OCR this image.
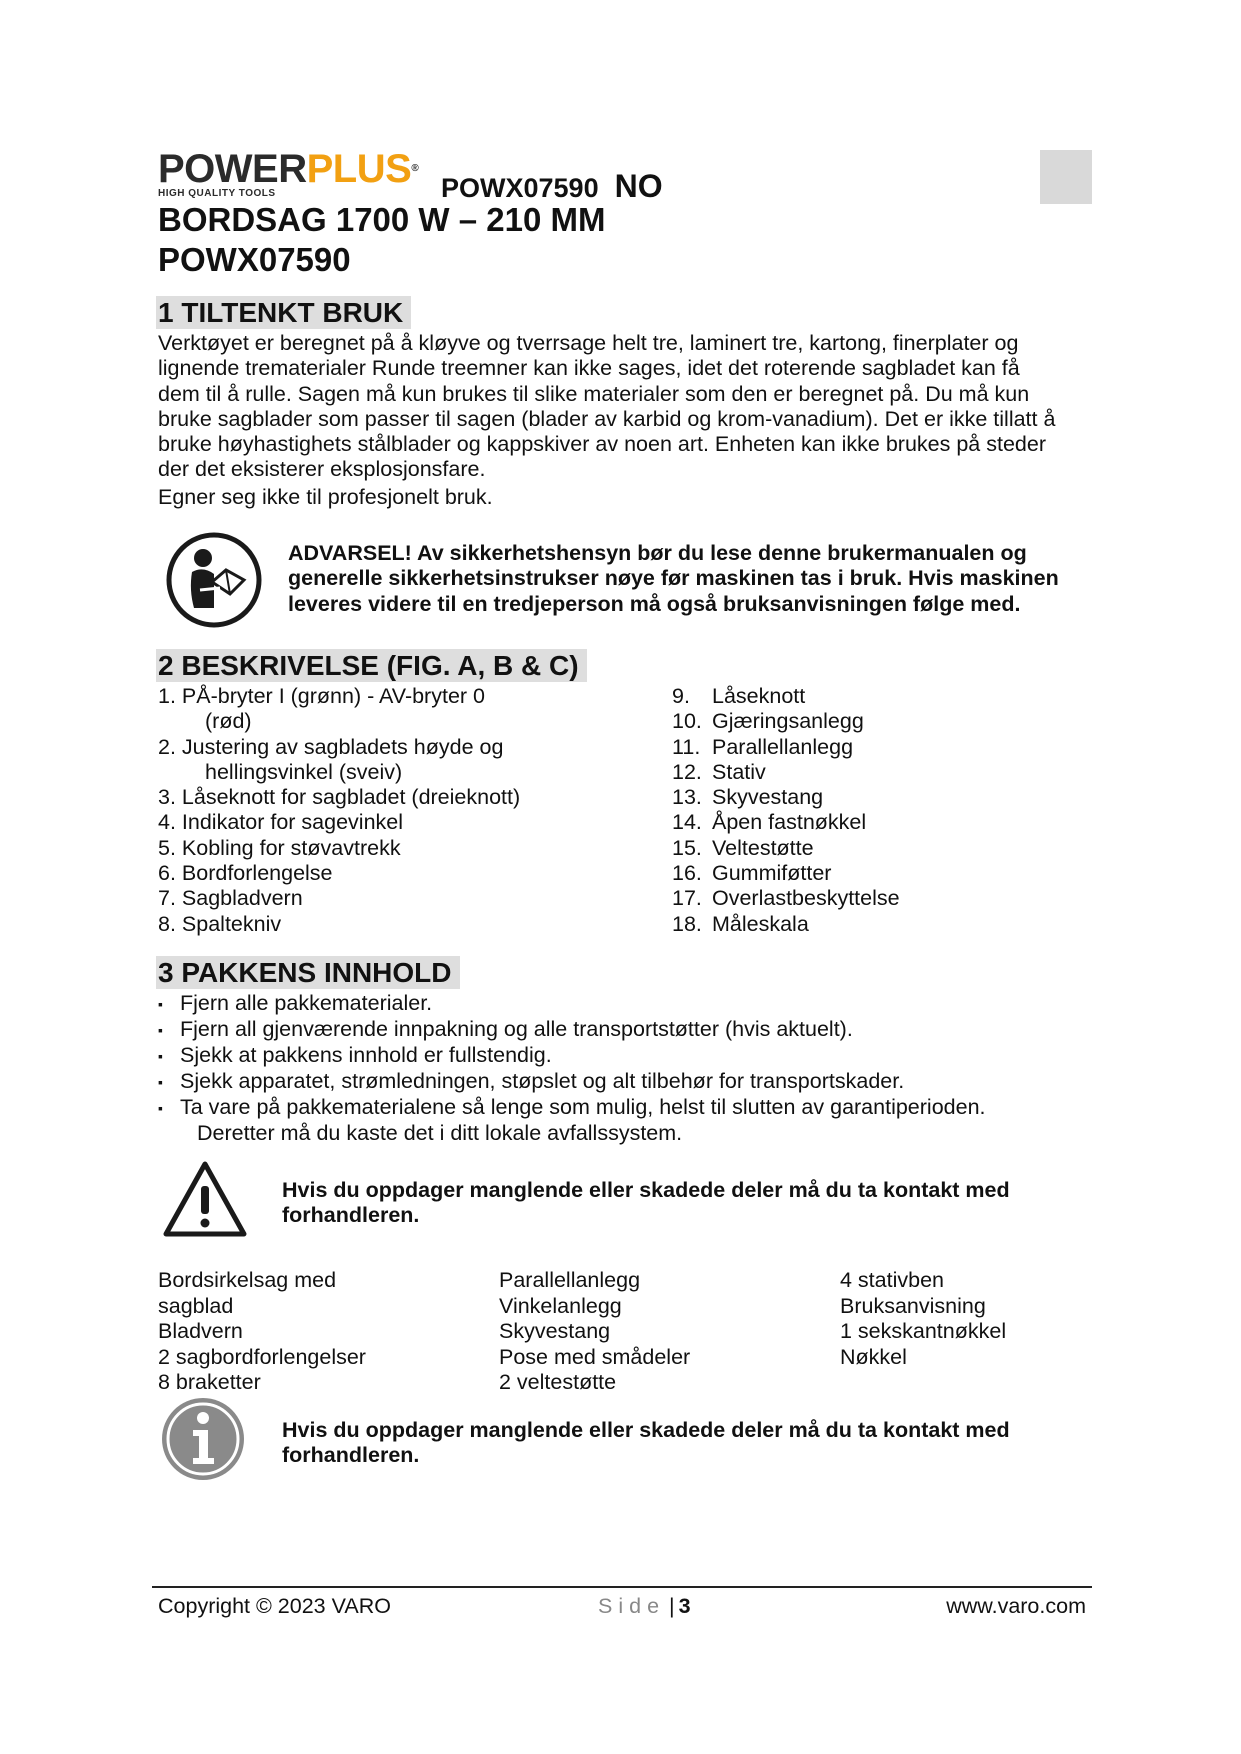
POWERPLUS®
HIGH QUALITY TOOLS	POWX07590 NO
BORDSAG 1700 W – 210 MM
POWX07590
1 TILTENKT BRUK
Verktøyet er beregnet på å kløyve og tverrsage helt tre, laminert tre, kartong, finerplater og
lignende trematerialer Runde treemner kan ikke sages, idet det roterende sagbladet kan få
dem til å rulle. Sagen må kun brukes til slike materialer som den er beregnet på. Du må kun
bruke sagblader som passer til sagen (blader av karbid og krom-vanadium). Det er ikke tillatt å
bruke høyhastighets stålblader og kappskiver av noen art. Enheten kan ikke brukes på steder
der det eksisterer eksplosjonsfare.
Egner seg ikke til profesjonelt bruk.
ADVARSEL! Av sikkerhetshensyn bør du lese denne brukermanualen og
generelle sikkerhetsinstrukser nøye før maskinen tas i bruk. Hvis maskinen
leveres videre til en tredjeperson må også bruksanvisningen følge med.
2 BESKRIVELSE (FIG. A, B & C)
1. PÅ-bryter I (grønn) - AV-bryter 0
(rød)
2. Justering av sagbladets høyde og
hellingsvinkel (sveiv)
3. Låseknott for sagbladet (dreieknott)
4. Indikator for sagevinkel
5. Kobling for støvavtrekk
6. Bordforlengelse
7. Sagbladvern
8. Spaltekniv
9. Låseknott
10. Gjæringsanlegg
11. Parallellanlegg
12. Stativ
13. Skyvestang
14. Åpen fastnøkkel
15. Veltestøtte
16. Gummiføtter
17. Overlastbeskyttelse
18. Måleskala
3 PAKKENS INNHOLD
▪ Fjern alle pakkematerialer.
▪ Fjern all gjenværende innpakning og alle transportstøtter (hvis aktuelt).
▪ Sjekk at pakkens innhold er fullstendig.
▪ Sjekk apparatet, strømledningen, støpslet og alt tilbehør for transportskader.
▪ Ta vare på pakkematerialene så lenge som mulig, helst til slutten av garantiperioden.
Deretter må du kaste det i ditt lokale avfallssystem.
Hvis du oppdager manglende eller skadede deler må du ta kontakt med
forhandleren.
Bordsirkelsag med
sagblad
Bladvern
2 sagbordforlengelser
8 braketter
Parallellanlegg
Vinkelanlegg
Skyvestang
Pose med smådeler
2 veltestøtte
4 stativben
Bruksanvisning
1 sekskantnøkkel
Nøkkel
Hvis du oppdager manglende eller skadede deler må du ta kontakt med
forhandleren.
Copyright © 2023 VARO	Side | 3	www.varo.com
